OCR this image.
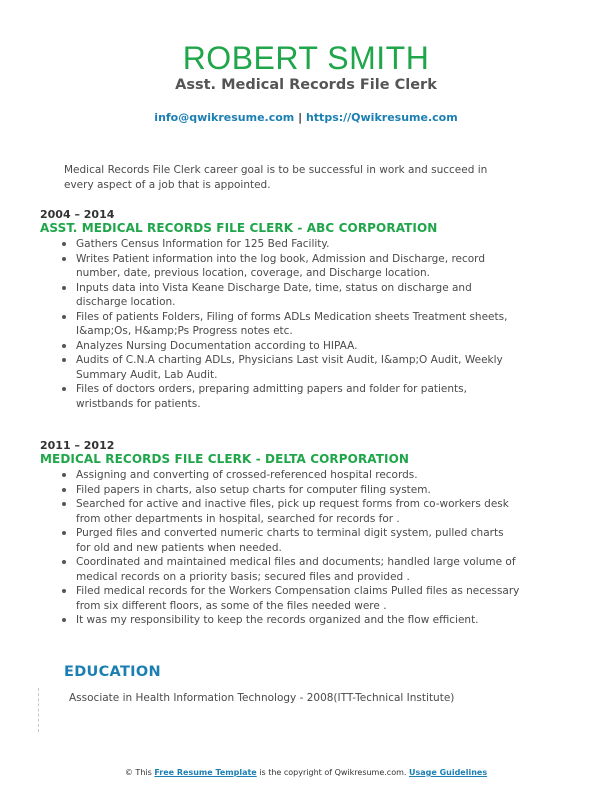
ROBERT SMITH
Asst. Medical Records File Clerk
info@qwikresume.com | https://Qwikresume.com
Medical Records File Clerk career goal is to be successful in work and succeed in every aspect of a job that is appointed.
2004 – 2014
ASST. MEDICAL RECORDS FILE CLERK - ABC CORPORATION
Gathers Census Information for 125 Bed Facility.
Writes Patient information into the log book, Admission and Discharge, record number, date, previous location, coverage, and Discharge location.
Inputs data into Vista Keane Discharge Date, time, status on discharge and discharge location.
Files of patients Folders, Filing of forms ADLs Medication sheets Treatment sheets, I&amp;Os, H&amp;Ps Progress notes etc.
Analyzes Nursing Documentation according to HIPAA.
Audits of C.N.A charting ADLs, Physicians Last visit Audit, I&amp;O Audit, Weekly Summary Audit, Lab Audit.
Files of doctors orders, preparing admitting papers and folder for patients, wristbands for patients.
2011 – 2012
MEDICAL RECORDS FILE CLERK - DELTA CORPORATION
Assigning and converting of crossed-referenced hospital records.
Filed papers in charts, also setup charts for computer filing system.
Searched for active and inactive files, pick up request forms from co-workers desk from other departments in hospital, searched for records for .
Purged files and converted numeric charts to terminal digit system, pulled charts for old and new patients when needed.
Coordinated and maintained medical files and documents; handled large volume of medical records on a priority basis; secured files and provided .
Filed medical records for the Workers Compensation claims Pulled files as necessary from six different floors, as some of the files needed were .
It was my responsibility to keep the records organized and the flow efficient.
EDUCATION
Associate in Health Information Technology - 2008(ITT-Technical Institute)
© This Free Resume Template is the copyright of Qwikresume.com. Usage Guidelines
